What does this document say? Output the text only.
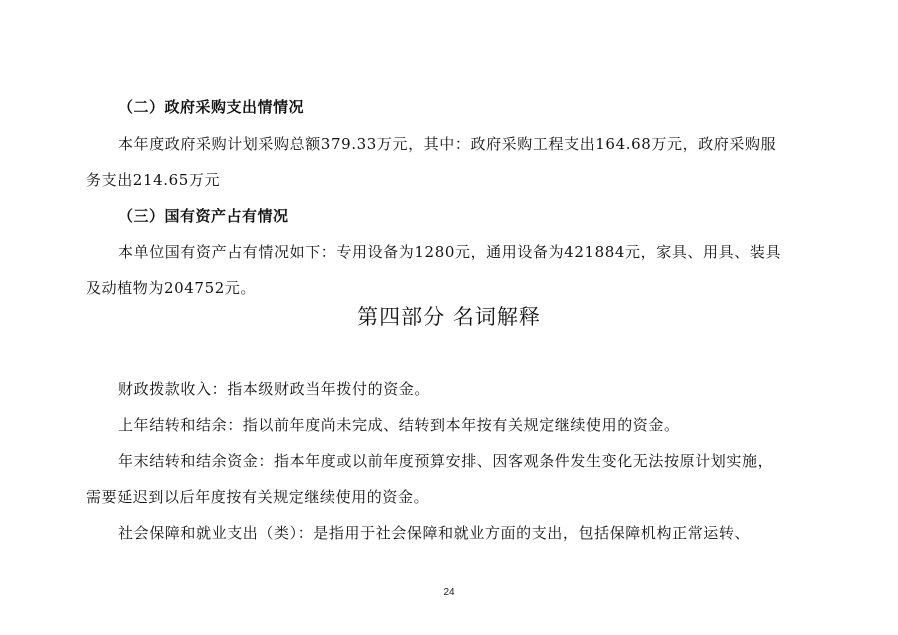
（二）政府采购支出情情况
本年度政府采购计划采购总额379.33万元，其中：政府采购工程支出164.68万元，政府采购服
务支出214.65万元
（三）国有资产占有情况
本单位国有资产占有情况如下：专用设备为1280元，通用设备为421884元，家具、用具、装具
及动植物为204752元。
第四部分 名词解释
财政拨款收入：指本级财政当年拨付的资金。
上年结转和结余：指以前年度尚未完成、结转到本年按有关规定继续使用的资金。
年末结转和结余资金：指本年度或以前年度预算安排、因客观条件发生变化无法按原计划实施，
需要延迟到以后年度按有关规定继续使用的资金。
社会保障和就业支出（类）：是指用于社会保障和就业方面的支出，包括保障机构正常运转、
24
